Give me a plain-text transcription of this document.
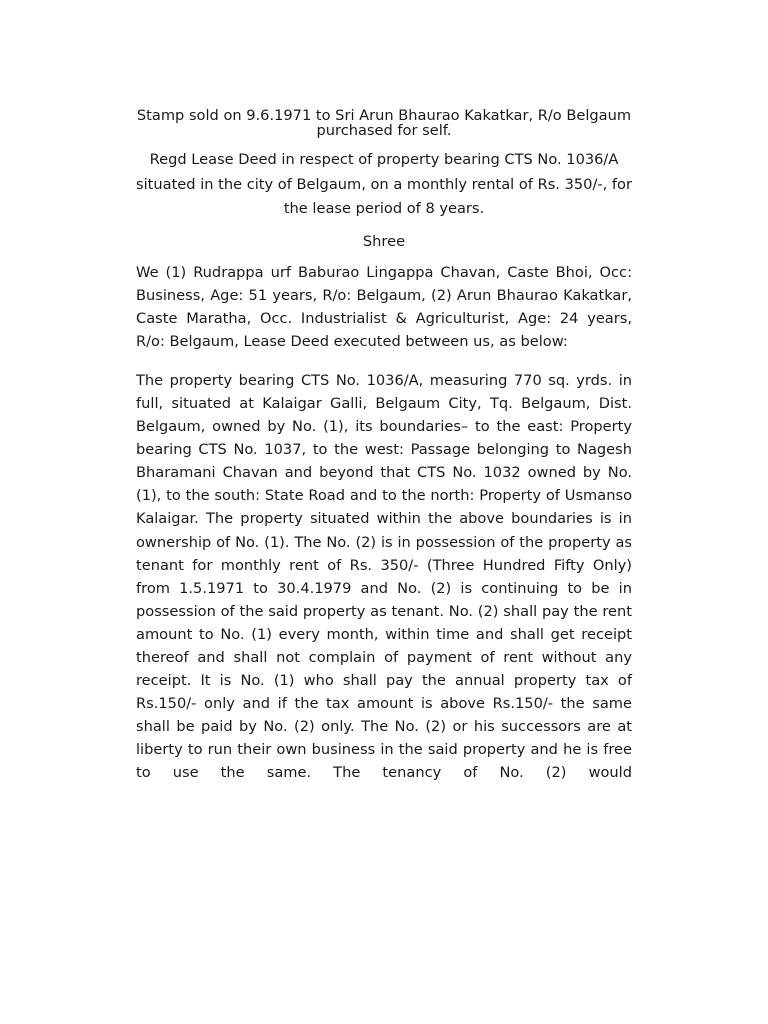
Stamp sold on 9.6.1971 to Sri Arun Bhaurao Kakatkar, R/o Belgaum purchased for self.

Regd Lease Deed in respect of property bearing CTS No. 1036/A situated in the city of Belgaum, on a monthly rental of Rs. 350/-, for the lease period of 8 years.

Shree

We (1) Rudrappa urf Baburao Lingappa Chavan, Caste Bhoi, Occ: Business, Age: 51 years, R/o: Belgaum, (2) Arun Bhaurao Kakatkar, Caste Maratha, Occ. Industrialist & Agriculturist, Age: 24 years, R/o: Belgaum, Lease Deed executed between us, as below:

The property bearing CTS No. 1036/A, measuring 770 sq. yrds. in full, situated at Kalaigar Galli, Belgaum City, Tq. Belgaum, Dist. Belgaum, owned by No. (1), its boundaries– to the east: Property bearing CTS No. 1037, to the west: Passage belonging to Nagesh Bharamani Chavan and beyond that CTS No. 1032 owned by No. (1), to the south: State Road and to the north: Property of Usmanso Kalaigar. The property situated within the above boundaries is in ownership of No. (1). The No. (2) is in possession of the property as tenant for monthly rent of Rs. 350/- (Three Hundred Fifty Only) from 1.5.1971 to 30.4.1979 and No. (2) is continuing to be in possession of the said property as tenant. No. (2) shall pay the rent amount to No. (1) every month, within time and shall get receipt thereof and shall not complain of payment of rent without any receipt. It is No. (1) who shall pay the annual property tax of Rs.150/- only and if the tax amount is above Rs.150/- the same shall be paid by No. (2) only. The No. (2) or his successors are at liberty to run their own business in the said property and he is free to use the same. The tenancy of No. (2) would
